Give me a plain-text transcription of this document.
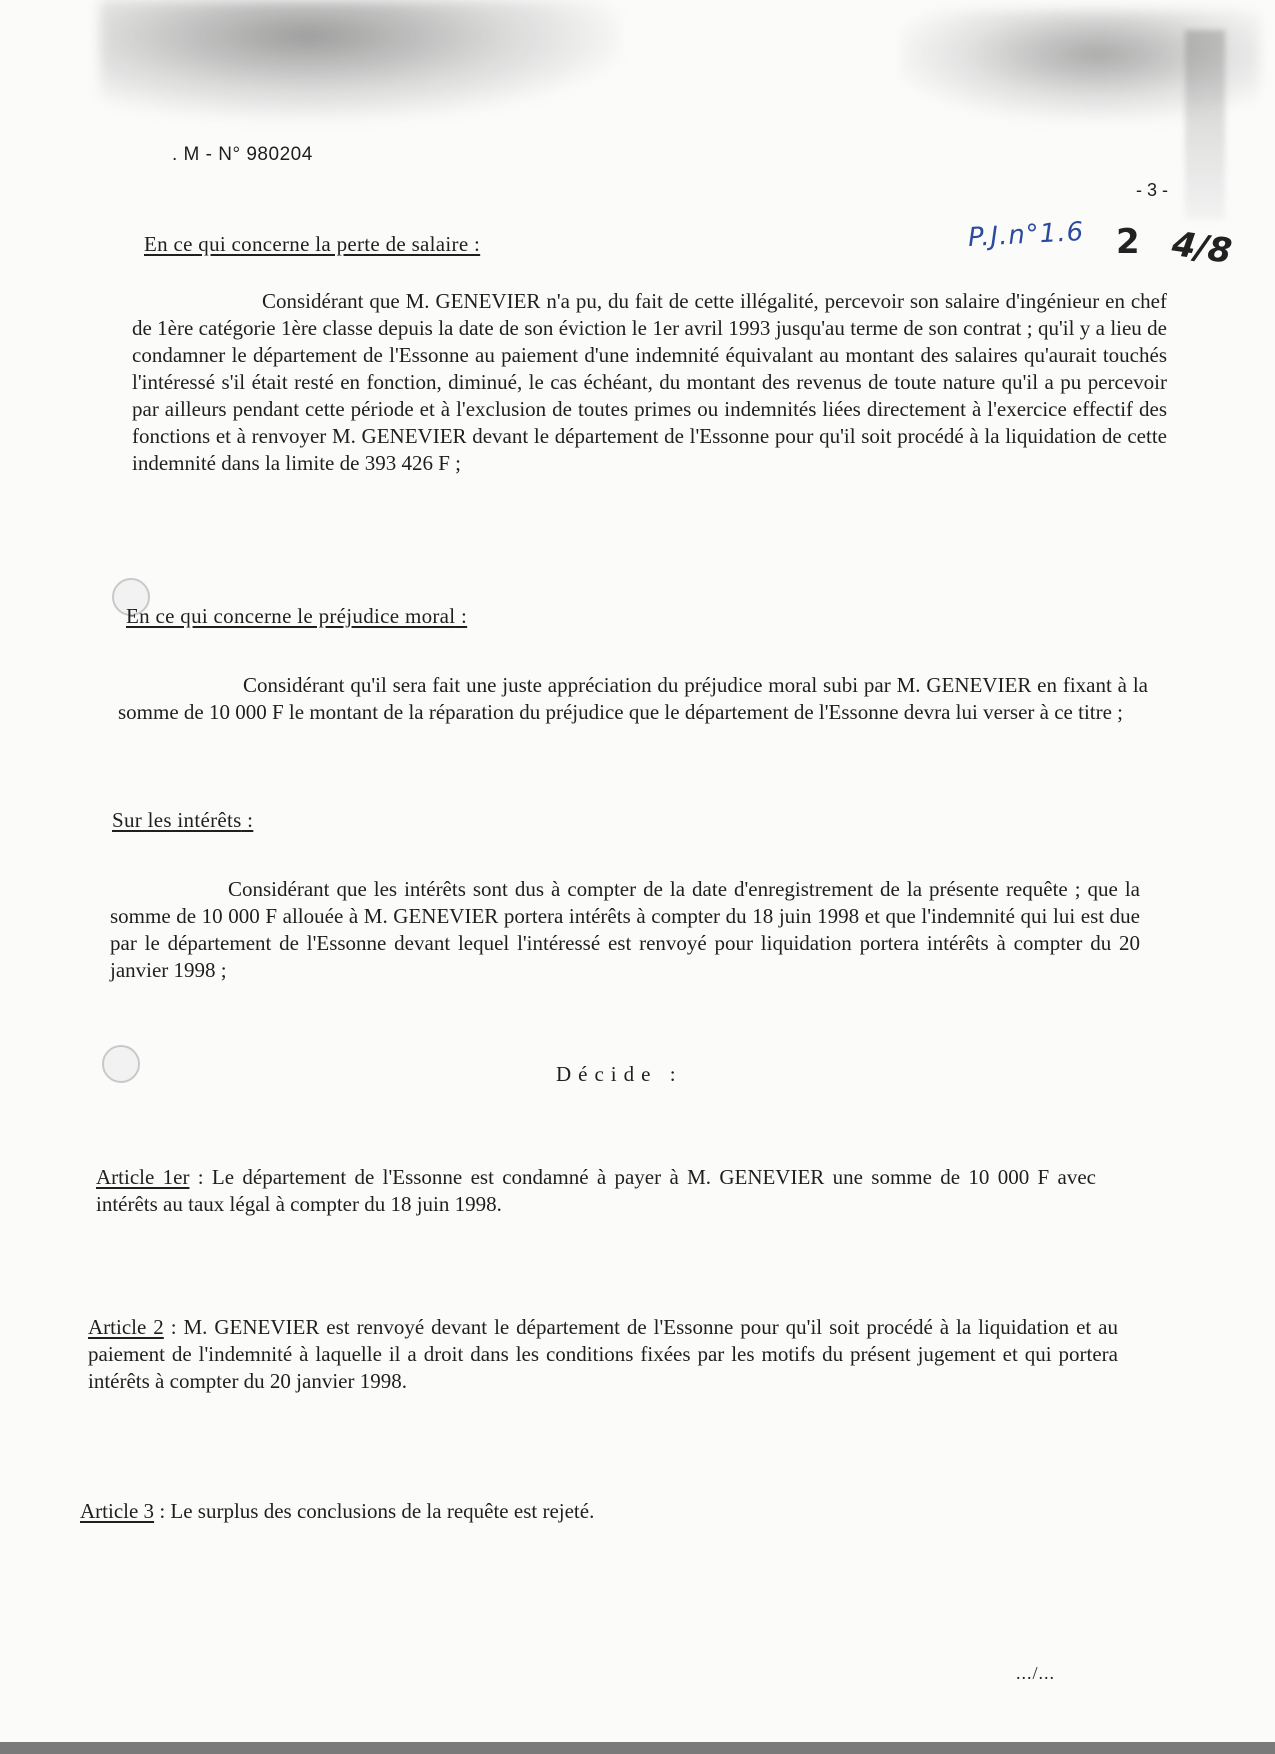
. M - N° 980204
- 3 -
P.J.n°1.6 2 4/8
En ce qui concerne la perte de salaire :

Considérant que M. GENEVIER n'a pu, du fait de cette illégalité, percevoir son salaire d'ingénieur en chef de 1ère catégorie 1ère classe depuis la date de son éviction le 1er avril 1993 jusqu'au terme de son contrat ; qu'il y a lieu de condamner le département de l'Essonne au paiement d'une indemnité équivalant au montant des salaires qu'aurait touchés l'intéressé s'il était resté en fonction, diminué, le cas échéant, du montant des revenus de toute nature qu'il a pu percevoir par ailleurs pendant cette période et à l'exclusion de toutes primes ou indemnités liées directement à l'exercice effectif des fonctions et à renvoyer M. GENEVIER devant le département de l'Essonne pour qu'il soit procédé à la liquidation de cette indemnité dans la limite de 393 426 F ;

En ce qui concerne le préjudice moral :

Considérant qu'il sera fait une juste appréciation du préjudice moral subi par M. GENEVIER en fixant à la somme de 10 000 F le montant de la réparation du préjudice que le département de l'Essonne devra lui verser à ce titre ;

Sur les intérêts :

Considérant que les intérêts sont dus à compter de la date d'enregistrement de la présente requête ; que la somme de 10 000 F allouée à M. GENEVIER portera intérêts à compter du 18 juin 1998 et que l'indemnité qui lui est due par le département de l'Essonne devant lequel l'intéressé est renvoyé pour liquidation portera intérêts à compter du 20 janvier 1998 ;

Décide :

Article 1er : Le département de l'Essonne est condamné à payer à M. GENEVIER une somme de 10 000 F avec intérêts au taux légal à compter du 18 juin 1998.

Article 2 : M. GENEVIER est renvoyé devant le département de l'Essonne pour qu'il soit procédé à la liquidation et au paiement de l'indemnité à laquelle il a droit dans les conditions fixées par les motifs du présent jugement et qui portera intérêts à compter du 20 janvier 1998.

Article 3 : Le surplus des conclusions de la requête est rejeté.

.../...
